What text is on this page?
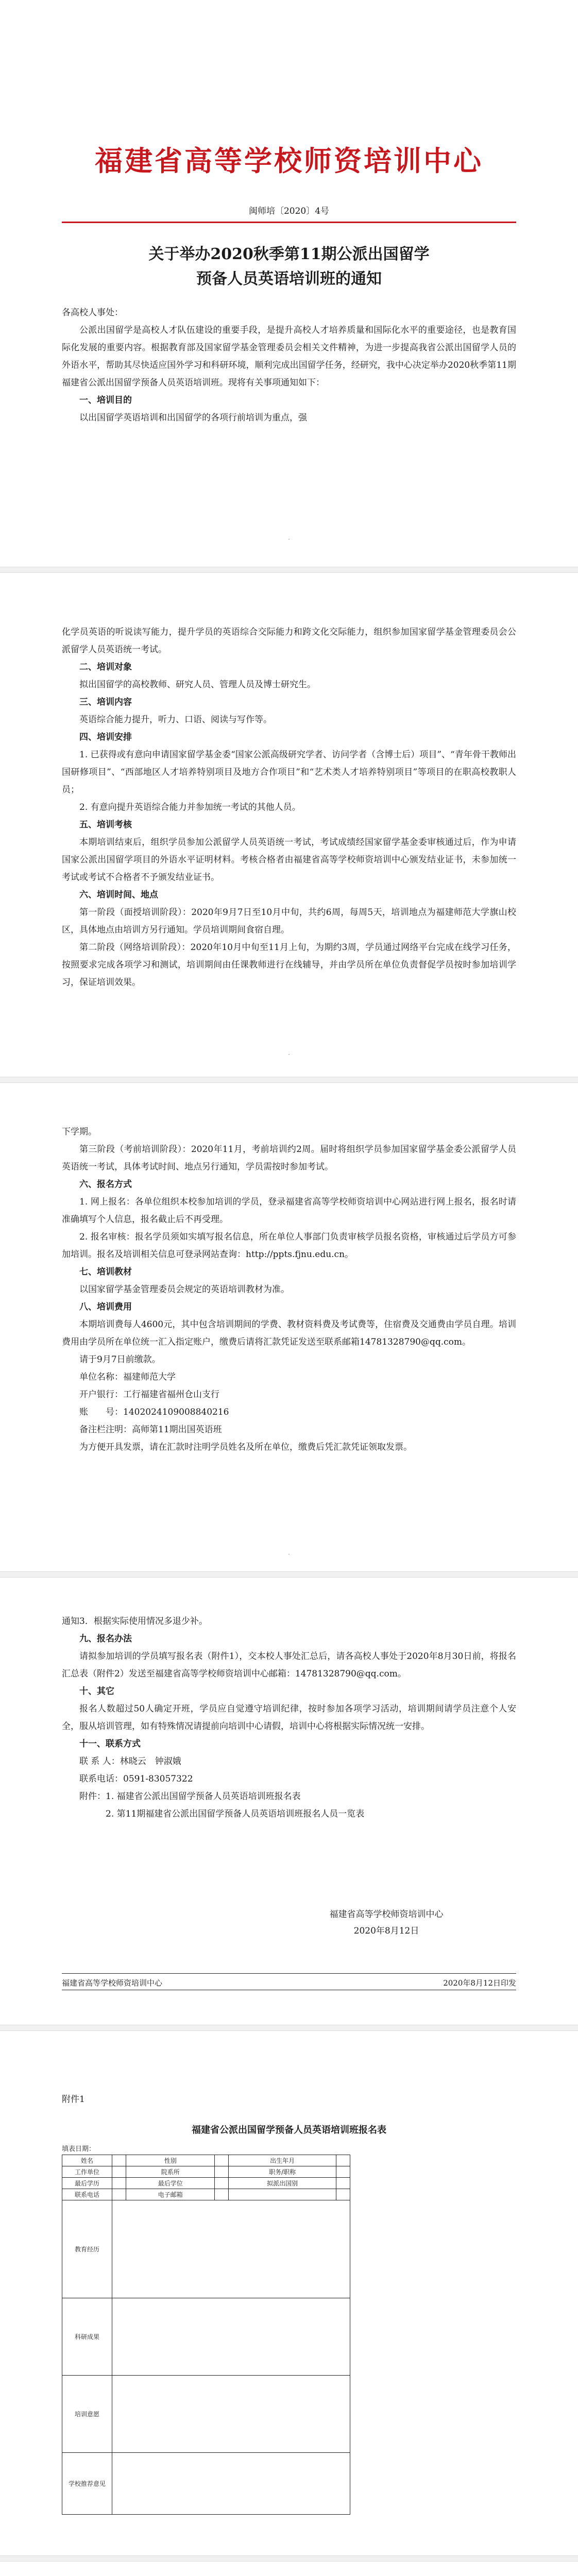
福建省高等学校师资培训中心
闽师培〔2020〕4号
关于举办2020秋季第11期公派出国留学
预备人员英语培训班的通知

各高校人事处：

公派出国留学是高校人才队伍建设的重要手段，是提升高校人才培养质量和国际化水平的重要途径，也是教育国际化发展的重要内容。根据教育部及国家留学基金管理委员会相关文件精神，为进一步提高我省公派出国留学人员的外语水平，帮助其尽快适应国外学习和科研环境，顺利完成出国留学任务，经研究，我中心决定举办2020秋季第11期福建省公派出国留学预备人员英语培训班。现将有关事项通知如下：

一、培训目的

以出国留学英语培训和出国留学的各项行前培训为重点，强

·

化学员英语的听说读写能力，提升学员的英语综合交际能力和跨文化交际能力，组织参加国家留学基金管理委员会公派留学人员英语统一考试。

二、培训对象

拟出国留学的高校教师、研究人员、管理人员及博士研究生。

三、培训内容

英语综合能力提升，听力、口语、阅读与写作等。

四、培训安排

1. 已获得或有意向申请国家留学基金委“国家公派高级研究学者、访问学者（含博士后）项目”、“青年骨干教师出国研修项目”、“西部地区人才培养特别项目及地方合作项目”和“艺术类人才培养特别项目”等项目的在职高校教职人员；

2. 有意向提升英语综合能力并参加统一考试的其他人员。

五、培训考核

本期培训结束后，组织学员参加公派留学人员英语统一考试，考试成绩经国家留学基金委审核通过后，作为申请国家公派出国留学项目的外语水平证明材料。考核合格者由福建省高等学校师资培训中心颁发结业证书，未参加统一考试或考试不合格者不予颁发结业证书。

六、培训时间、地点

第一阶段（面授培训阶段）：2020年9月7日至10月中旬，共约6周，每周5天，培训地点为福建师范大学旗山校区，具体地点由培训方另行通知。学员培训期间食宿自理。

第二阶段（网络培训阶段）：2020年10月中旬至11月上旬，为期约3周，学员通过网络平台完成在线学习任务，按照要求完成各项学习和测试，培训期间由任课教师进行在线辅导，并由学员所在单位负责督促学员按时参加培训学习，保证培训效果。

·

下学期。

第三阶段（考前培训阶段）：2020年11月，考前培训约2周。届时将组织学员参加国家留学基金委公派留学人员英语统一考试，具体考试时间、地点另行通知，学员需按时参加考试。

六、报名方式

1. 网上报名：各单位组织本校参加培训的学员，登录福建省高等学校师资培训中心网站进行网上报名，报名时请准确填写个人信息，报名截止后不再受理。

2. 报名审核：报名学员须如实填写报名信息，所在单位人事部门负责审核学员报名资格，审核通过后学员方可参加培训。报名及培训相关信息可登录网站查询：http://ppts.fjnu.edu.cn。

七、培训教材

以国家留学基金管理委员会规定的英语培训教材为准。

八、培训费用

本期培训费每人4600元，其中包含培训期间的学费、教材资料费及考试费等，住宿费及交通费由学员自理。培训费用由学员所在单位统一汇入指定账户，缴费后请将汇款凭证发送至联系邮箱14781328790@qq.com。

请于9月7日前缴款。

单位名称：福建师范大学

开户银行：工行福建省福州仓山支行

账　　号：1402024109008840216

备注栏注明：高师第11期出国英语班

为方便开具发票，请在汇款时注明学员姓名及所在单位，缴费后凭汇款凭证领取发票。

·

通知3．根据实际使用情况多退少补。

九、报名办法

请拟参加培训的学员填写报名表（附件1），交本校人事处汇总后，请各高校人事处于2020年8月30日前，将报名汇总表（附件2）发送至福建省高等学校师资培训中心邮箱：14781328790@qq.com。

十、其它

报名人数超过50人确定开班，学员应自觉遵守培训纪律，按时参加各项学习活动，培训期间请学员注意个人安全，服从培训管理，如有特殊情况请提前向培训中心请假，培训中心将根据实际情况统一安排。

十一、联系方式

联 系 人：林晓云　钟淑娥

联系电话：0591-83057322

附件：1. 福建省公派出国留学预备人员英语培训班报名表

　　　2. 第11期福建省公派出国留学预备人员英语培训班报名人员一览表

福建省高等学校师资培训中心
2020年8月12日
福建省高等学校师资培训中心	2020年8月12日印发
附件1
福建省公派出国留学预备人员英语培训班报名表
填表日期：
姓名		性别		出生年月	
工作单位		院系所		职务/职称	
最后学历		最后学位		拟派出国别	
联系电话		电子邮箱			
教育经历					
科研成果					
培训意愿					
学校推荐意见					
